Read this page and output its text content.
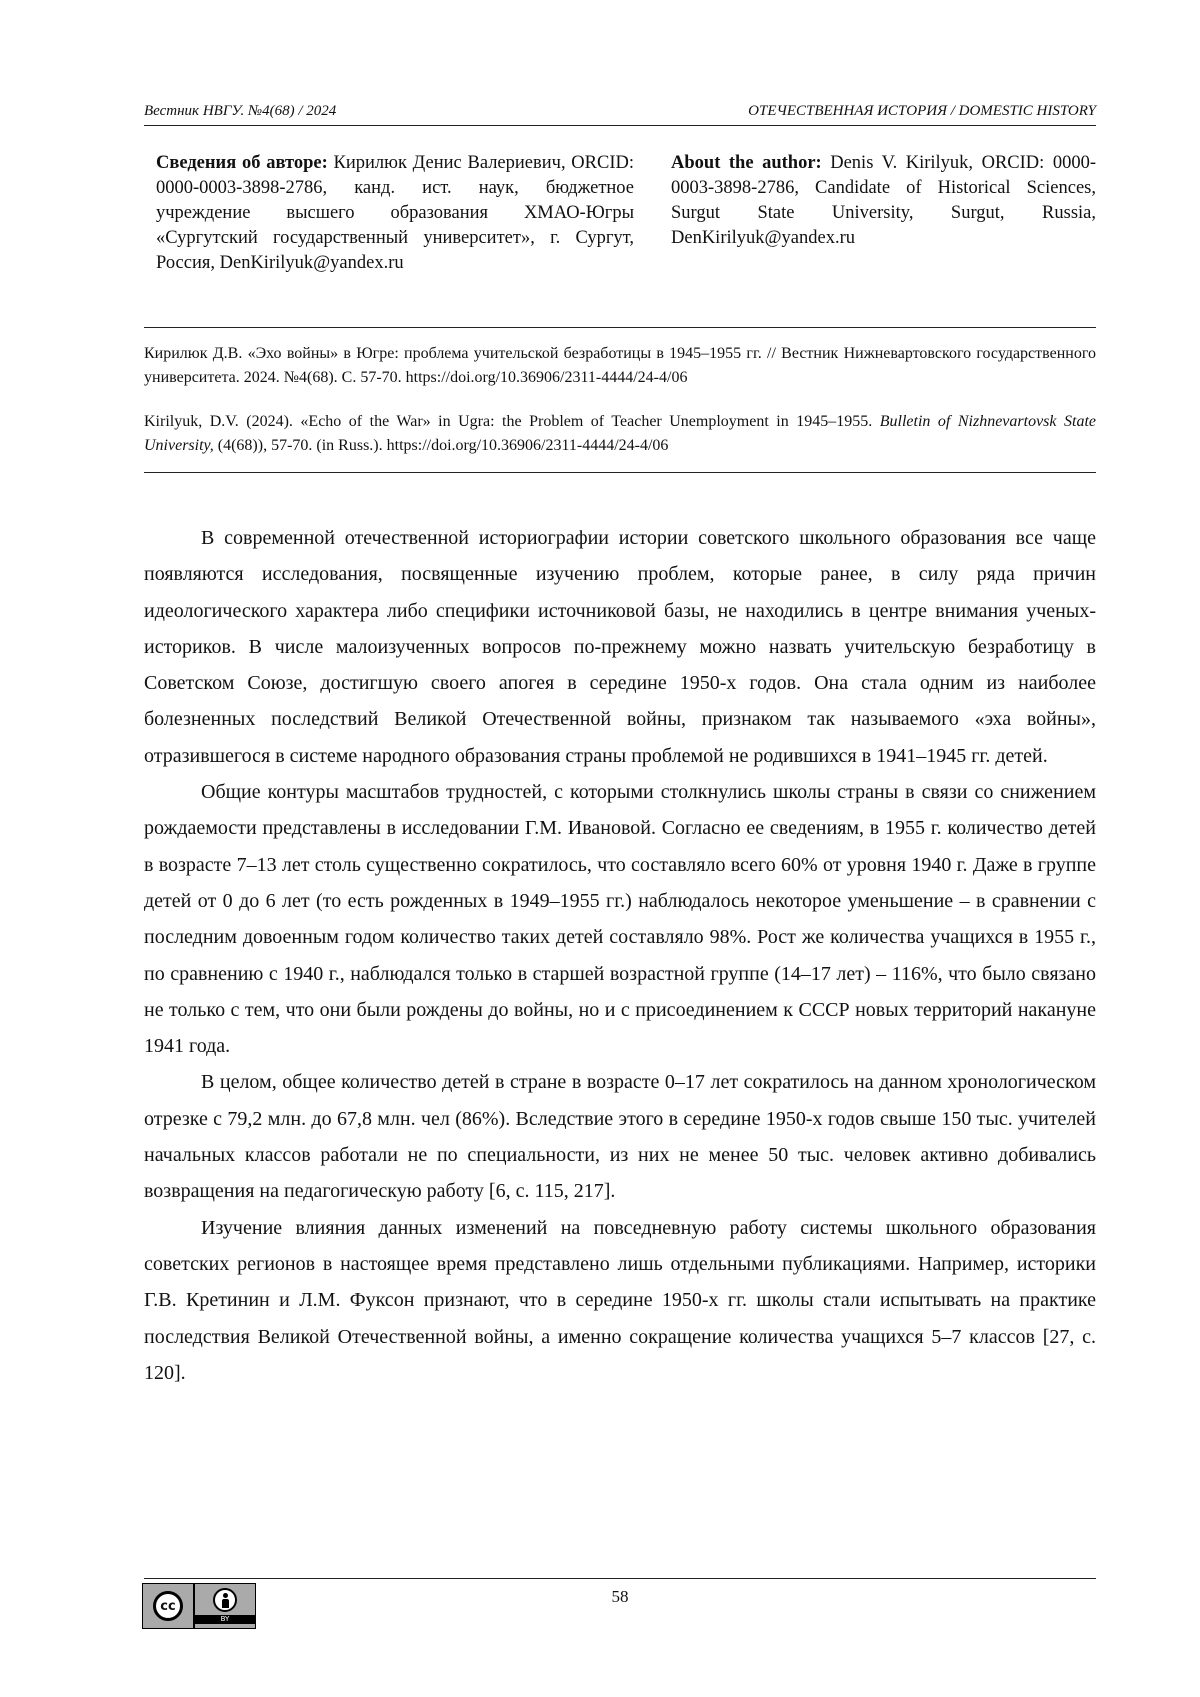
Вестник НВГУ. №4(68) / 2024	ОТЕЧЕСТВЕННАЯ ИСТОРИЯ / DOMESTIC HISTORY
Сведения об авторе: Кирилюк Денис Валериевич, ORCID: 0000-0003-3898-2786, канд. ист. наук, бюджетное учреждение высшего образования ХМАО-Югры «Сургутский государственный университет», г. Сургут, Россия, DenKirilyuk@yandex.ru
About the author: Denis V. Kirilyuk, ORCID: 0000-0003-3898-2786, Candidate of Historical Sciences, Surgut State University, Surgut, Russia, DenKirilyuk@yandex.ru

Кирилюк Д.В. «Эхо войны» в Югре: проблема учительской безработицы в 1945–1955 гг. // Вестник Нижневартовского государственного университета. 2024. №4(68). С. 57-70. https://doi.org/10.36906/2311-4444/24-4/06

Kirilyuk, D.V. (2024). «Echo of the War» in Ugra: the Problem of Teacher Unemployment in 1945–1955. Bulletin of Nizhnevartovsk State University, (4(68)), 57-70. (in Russ.). https://doi.org/10.36906/2311-4444/24-4/06

В современной отечественной историографии истории советского школьного образования все чаще появляются исследования, посвященные изучению проблем, которые ранее, в силу ряда причин идеологического характера либо специфики источниковой базы, не находились в центре внимания ученых-историков. В числе малоизученных вопросов по-прежнему можно назвать учительскую безработицу в Советском Союзе, достигшую своего апогея в середине 1950-х годов. Она стала одним из наиболее болезненных последствий Великой Отечественной войны, признаком так называемого «эха войны», отразившегося в системе народного образования страны проблемой не родившихся в 1941–1945 гг. детей.

Общие контуры масштабов трудностей, с которыми столкнулись школы страны в связи со снижением рождаемости представлены в исследовании Г.М. Ивановой. Согласно ее сведениям, в 1955 г. количество детей в возрасте 7–13 лет столь существенно сократилось, что составляло всего 60% от уровня 1940 г. Даже в группе детей от 0 до 6 лет (то есть рожденных в 1949–1955 гг.) наблюдалось некоторое уменьшение – в сравнении с последним довоенным годом количество таких детей составляло 98%. Рост же количества учащихся в 1955 г., по сравнению с 1940 г., наблюдался только в старшей возрастной группе (14–17 лет) – 116%, что было связано не только с тем, что они были рождены до войны, но и с присоединением к СССР новых территорий накануне 1941 года.

В целом, общее количество детей в стране в возрасте 0–17 лет сократилось на данном хронологическом отрезке с 79,2 млн. до 67,8 млн. чел (86%). Вследствие этого в середине 1950-х годов свыше 150 тыс. учителей начальных классов работали не по специальности, из них не менее 50 тыс. человек активно добивались возвращения на педагогическую работу [6, с. 115, 217].

Изучение влияния данных изменений на повседневную работу системы школьного образования советских регионов в настоящее время представлено лишь отдельными публикациями. Например, историки Г.В. Кретинин и Л.М. Фуксон признают, что в середине 1950-х гг. школы стали испытывать на практике последствия Великой Отечественной войны, а именно сокращение количества учащихся 5–7 классов [27, с. 120].

58
cc
BY
